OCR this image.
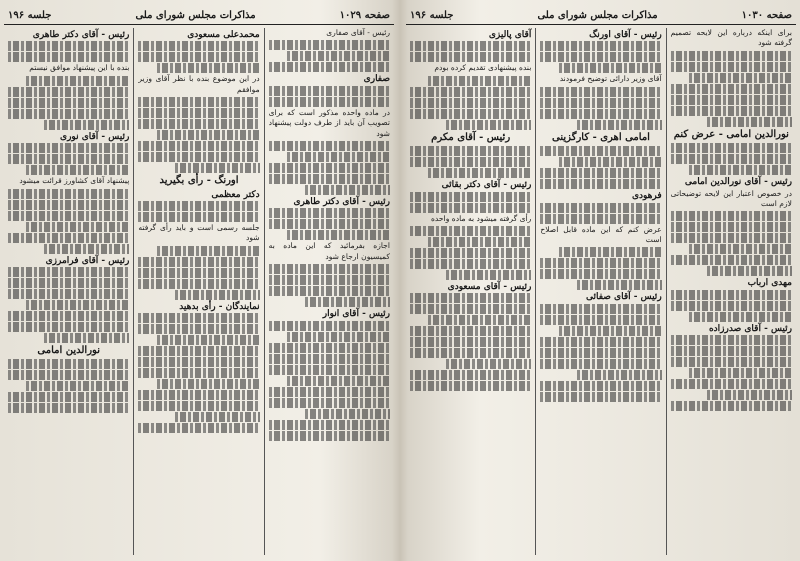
صفحه ۱۰۲۹
مذاکرات مجلس شورای ملی
جلسه ۱۹۶

رئیس - آقای صفاری

صفاری

در ماده واحده مذکور است که برای تصویب آن باید از طرف دولت پیشنهاد شود

رئیس - آقای دکتر طاهری

اجازه بفرمائید که این ماده به کمیسیون ارجاع شود

رئیس - آقای انوار
محمدعلی مسعودی

در این موضوع بنده با نظر آقای وزیر موافقم

اورنگ - رأی بگیرید
دکتر معظمی

جلسه رسمی است و باید رأی گرفته شود

نمایندگان - رأی بدهید
رئیس - آقای دکتر طاهری

بنده با این پیشنهاد موافق نیستم

رئیس - آقای نوری

پیشنهاد آقای کشاورز قرائت میشود

رئیس - آقای فرامرزی
نورالدین امامی
صفحه ۱۰۳۰
مذاکرات مجلس شورای ملی
جلسه ۱۹۶

برای اینکه درباره این لایحه تصمیم گرفته شود

نورالدین امامی - عرض کنم
رئیس - آقای نورالدین امامی

در خصوص اعتبار این لایحه توضیحاتی لازم است

مهدی ارباب
رئیس - آقای صدرزاده
رئیس - آقای اورنگ

آقای وزیر دارائی توضیح فرمودند

امامی اهری - کارگزینی
فرهودی

عرض کنم که این ماده قابل اصلاح است

رئیس - آقای صفائی
آقای پالیزی

بنده پیشنهادی تقدیم کرده بودم

رئیس - آقای مکرم
رئیس - آقای دکتر بقائی

رأی گرفته میشود به ماده واحده

رئیس - آقای مسعودی
